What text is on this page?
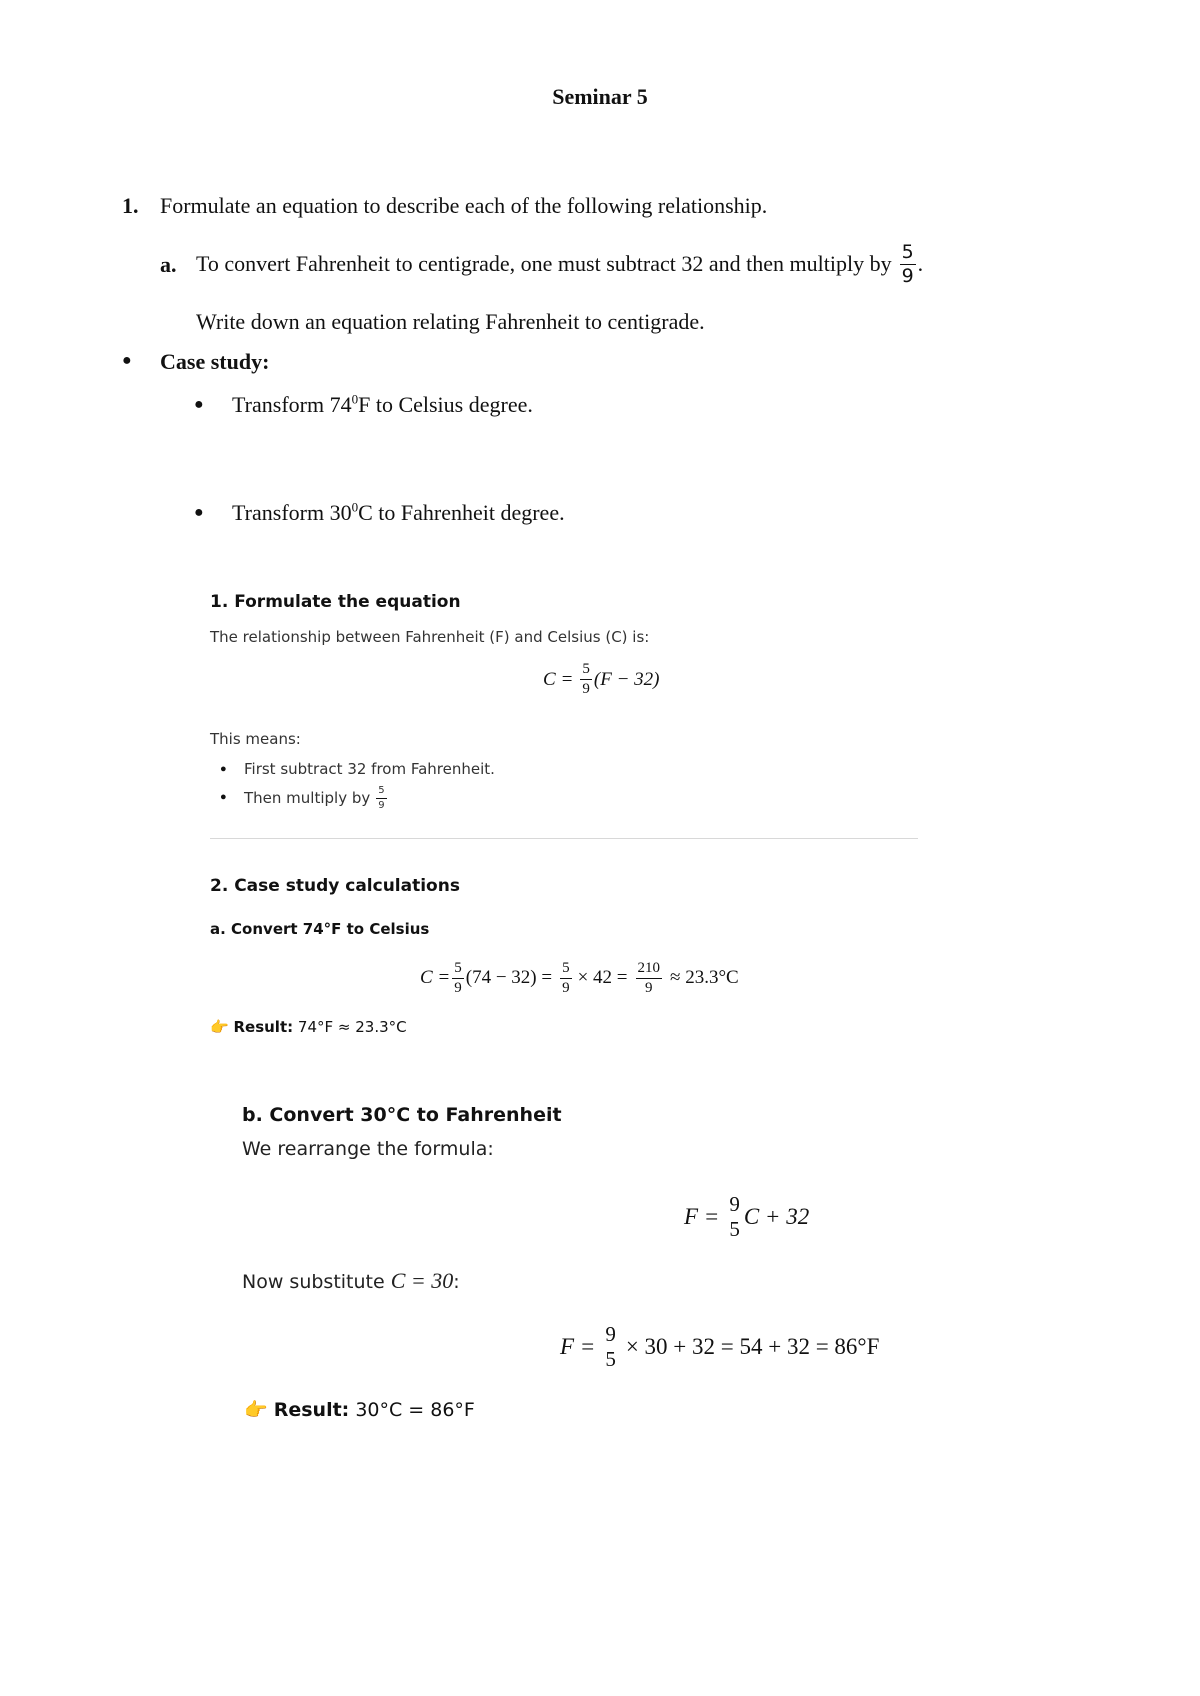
Seminar 5
1. Formulate an equation to describe each of the following relationship.
a. To convert Fahrenheit to centigrade, one must subtract 32 and then multiply by $\frac{5}{9}$ .
Write down an equation relating Fahrenheit to centigrade.
● Case study:
● Transform $74^0F$ to Celsius degree.
● Transform $30^0C$ to Fahrenheit degree.
1. Formulate the equation
The relationship between Fahrenheit (F) and Celsius (C) is:
$C = \frac{5}{9} (F - 32)$
This means:
● First subtract 32 from Fahrenheit.
● Then multiply by $\frac{5}{9}$
2. Case study calculations
a. Convert 74°F to Celsius
$C = \frac{5}{9} (74 - 32) = \frac{5}{9} \times 42 = \frac{210}{9} \approx 23.3^\circ C$
👉 Result: 74°F ≈ 23.3°C
b. Convert 30°C to Fahrenheit
We rearrange the formula:
F = 9
5 C + 32
Now substitute C = 30:
F = 9
5 × 30 + 32 = 54 + 32 = 86°F
👉 Result: 30°C = 86°F
